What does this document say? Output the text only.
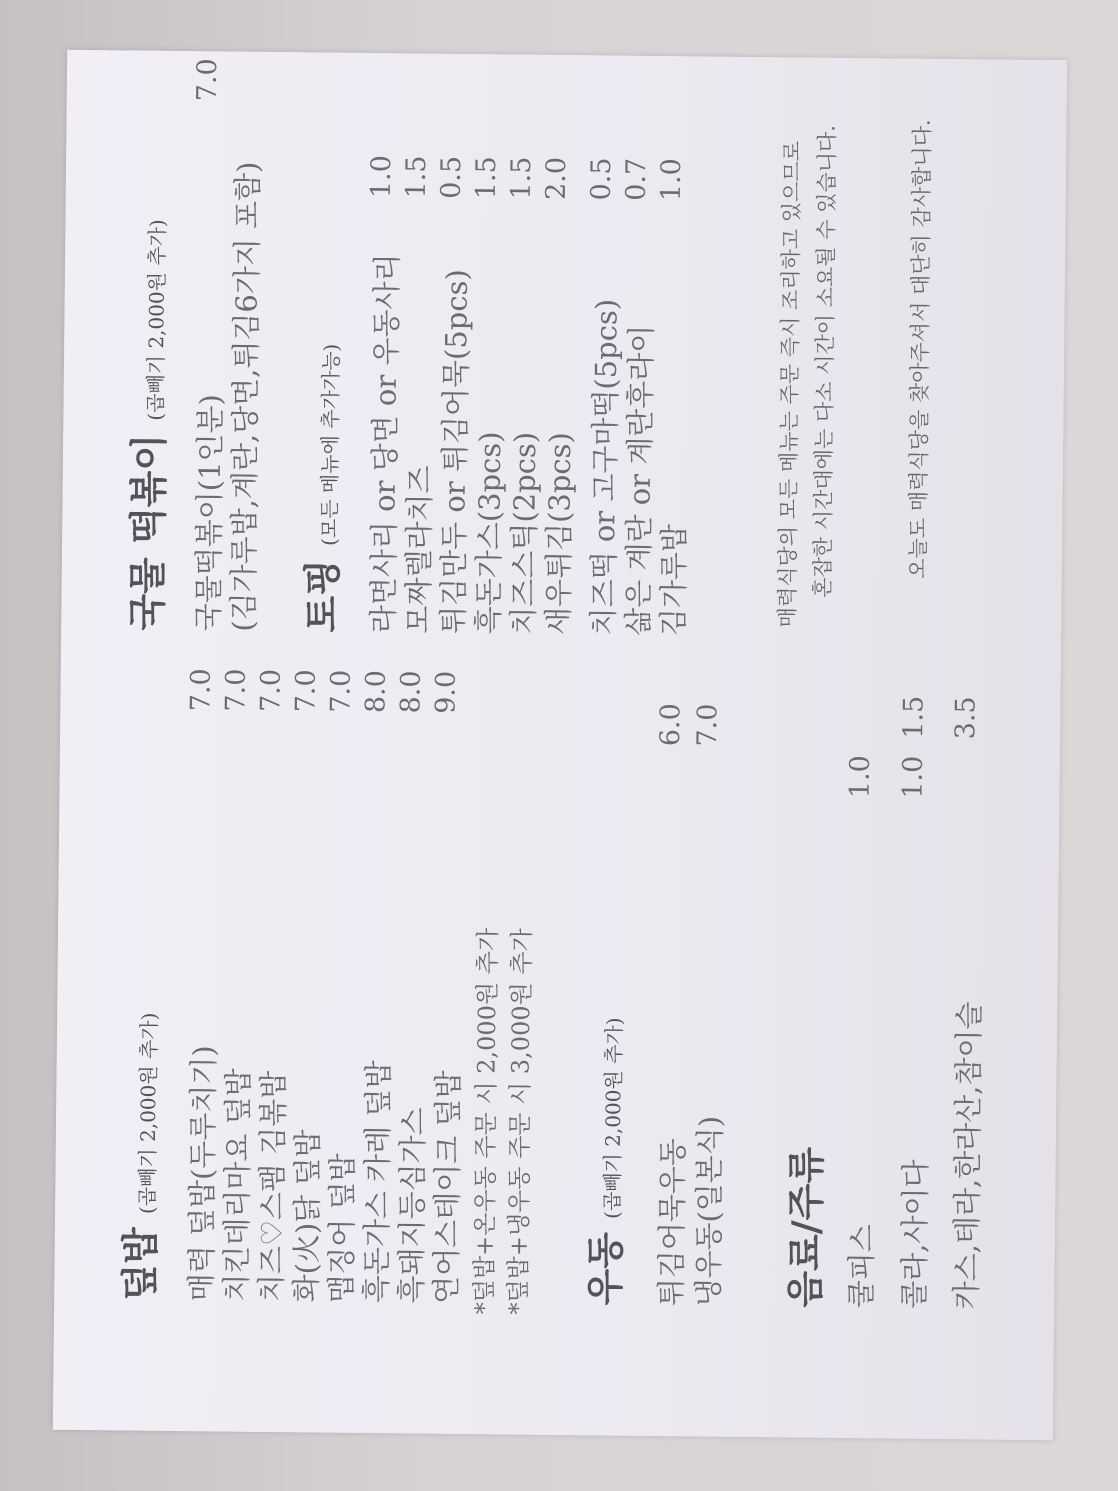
덮밥 (곱빼기 2,000원 추가) 매력 덮밥(두루치기)
치킨데리마요 덮밥
치즈♡스팸 김볶밥
화(火)닭 덮밥 맵징어 덮밥 흑돈가스 카레 덮밥
흑돼지등심가스
연어스테이크 덮밥
7.0 7.0 7.0 7.0 7.0 8.0 8.0 9.0
*덮밥+온우동 주문 시 2,000원 추가 *덮밥+냉우동 주문 시 3,000원 추가 우동 (곱빼기 2,000원 추가)
튀김어묵우동 냉우동(일본식)
6.0 7.0
음료/주류 쿨피스 콜라,사이다 카스,테라,한라산,참이슬
1.0 1.0
1.5 3.5
국물 떡볶이 (곱빼기 2,000원 추가)
국물떡볶이(1인분)
7.0
(김가루밥,계란,당면,튀김6가지 포함) 토핑 (모든 메뉴에 추가가능) 라면사리 or 당면 or 우동사리
모짜렐라치즈 튀김만두 or 튀김어묵(5pcs)
흑돈가스(3pcs)
치즈스틱(2pcs)
새우튀김(3pcs) 치즈떡 or 고구마떡(5pcs)
삶은 계란 or 계란후라이
김가루밥
1.0 1.5 0.5 1.5 1.5 2.0 0.5 0.7 1.0	매력식당의 모든 메뉴는 주문 즉시 조리하고 있으므로 혼잡한 시간대에는 다소 시간이 소요될 수 있습니다.	오늘도 매력식당을 찾아주셔서 대단히 감사합니다.
